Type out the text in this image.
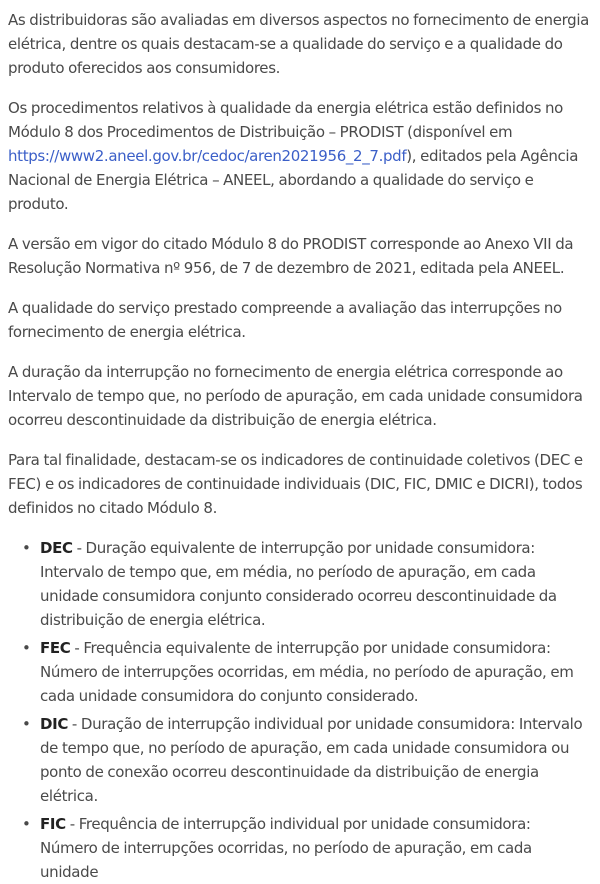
As distribuidoras são avaliadas em diversos aspectos no fornecimento de energia elétrica, dentre os quais destacam-se a qualidade do serviço e a qualidade do produto oferecidos aos consumidores.

Os procedimentos relativos à qualidade da energia elétrica estão definidos no Módulo 8 dos Procedimentos de Distribuição – PRODIST (disponível em https://www2.aneel.gov.br/cedoc/aren2021956_2_7.pdf), editados pela Agência Nacional de Energia Elétrica – ANEEL, abordando a qualidade do serviço e produto.

A versão em vigor do citado Módulo 8 do PRODIST corresponde ao Anexo VII da Resolução Normativa nº 956, de 7 de dezembro de 2021, editada pela ANEEL.

A qualidade do serviço prestado compreende a avaliação das interrupções no fornecimento de energia elétrica.

A duração da interrupção no fornecimento de energia elétrica corresponde ao Intervalo de tempo que, no período de apuração, em cada unidade consumidora ocorreu descontinuidade da distribuição de energia elétrica.

Para tal finalidade, destacam-se os indicadores de continuidade coletivos (DEC e FEC) e os indicadores de continuidade individuais (DIC, FIC, DMIC e DICRI), todos definidos no citado Módulo 8.

• DEC - Duração equivalente de interrupção por unidade consumidora: Intervalo de tempo que, em média, no período de apuração, em cada unidade consumidora conjunto considerado ocorreu descontinuidade da distribuição de energia elétrica.
• FEC - Frequência equivalente de interrupção por unidade consumidora: Número de interrupções ocorridas, em média, no período de apuração, em cada unidade consumidora do conjunto considerado.
• DIC - Duração de interrupção individual por unidade consumidora: Intervalo de tempo que, no período de apuração, em cada unidade consumidora ou ponto de conexão ocorreu descontinuidade da distribuição de energia elétrica.
• FIC - Frequência de interrupção individual por unidade consumidora: Número de interrupções ocorridas, no período de apuração, em cada unidade
